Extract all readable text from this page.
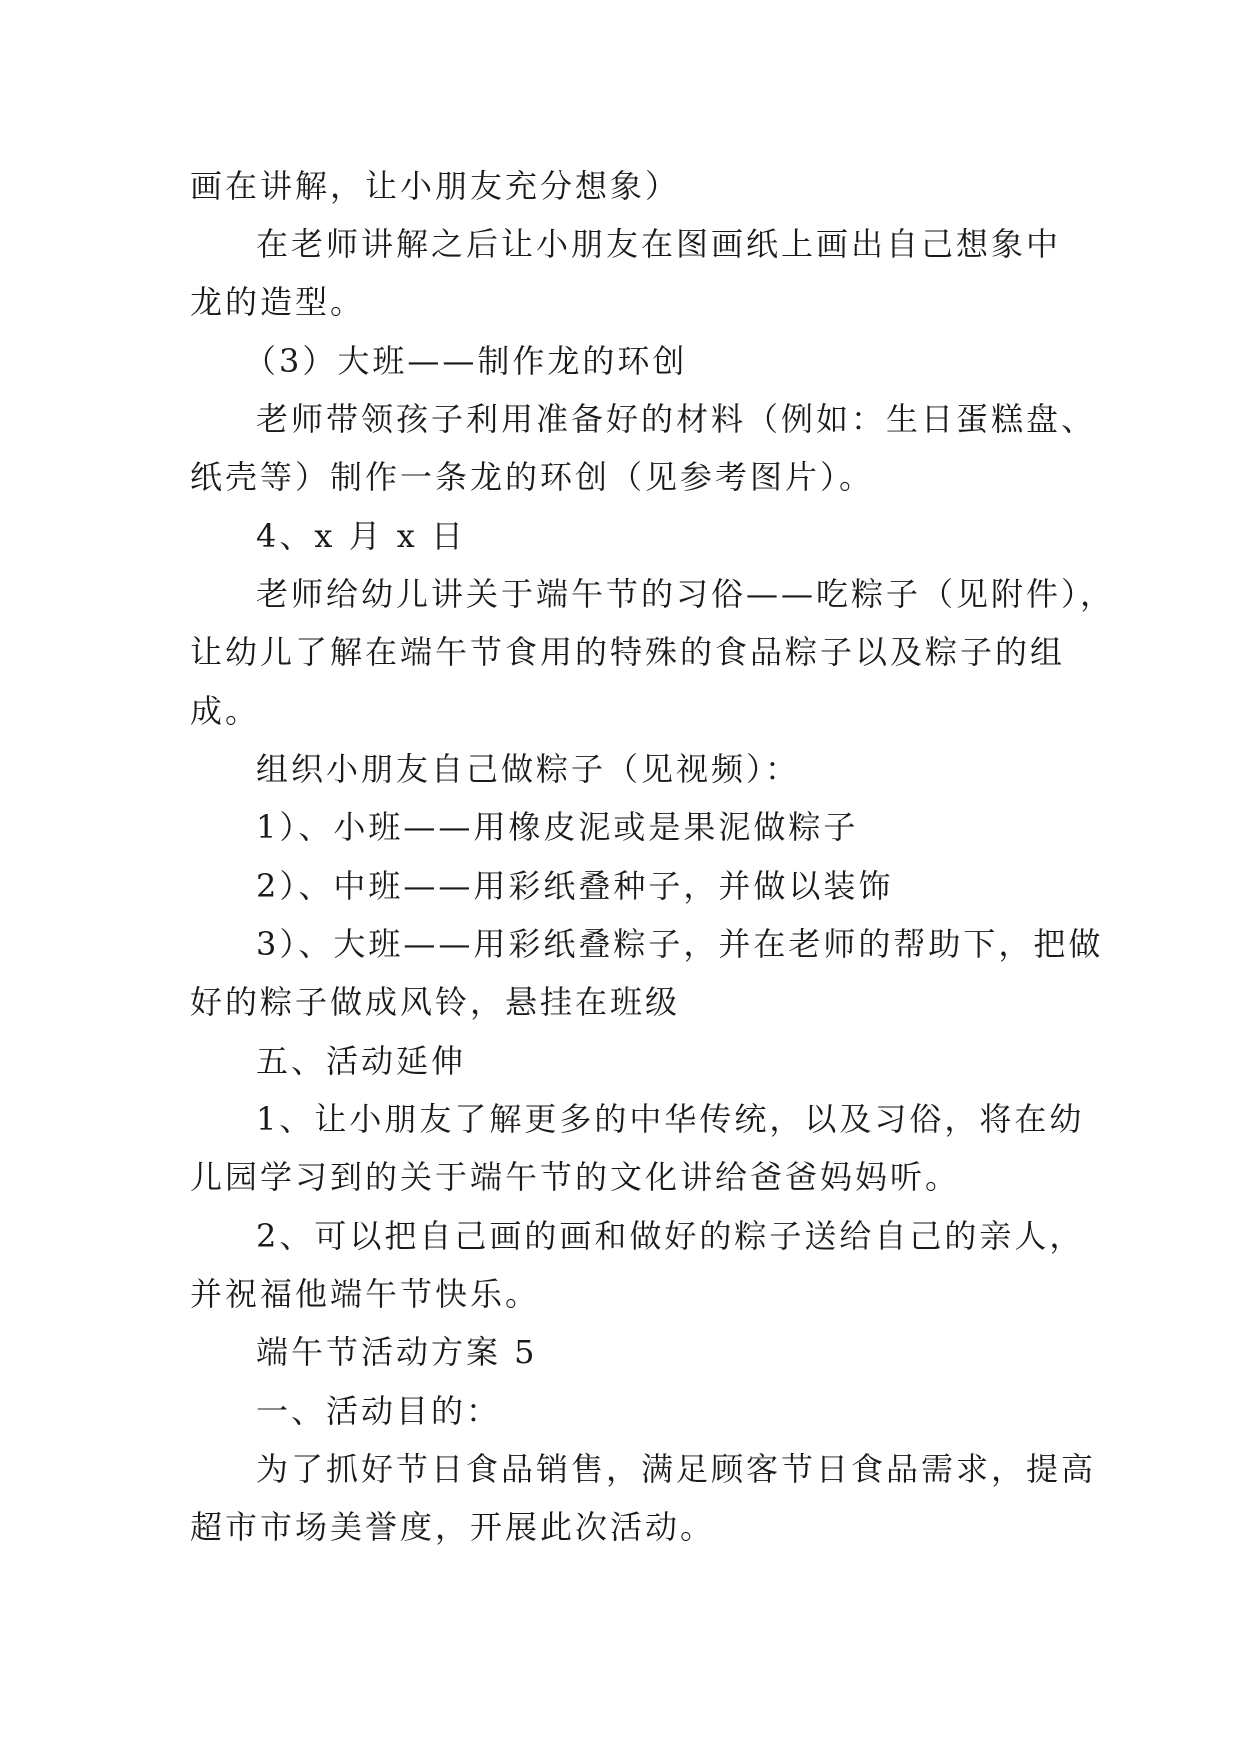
画在讲解，让小朋友充分想象）
在老师讲解之后让小朋友在图画纸上画出自己想象中
龙的造型。
（3）大班——制作龙的环创
老师带领孩子利用准备好的材料（例如：生日蛋糕盘、
纸壳等）制作一条龙的环创（见参考图片）。
4、x 月 x 日
老师给幼儿讲关于端午节的习俗——吃粽子（见附件），
让幼儿了解在端午节食用的特殊的食品粽子以及粽子的组
成。
组织小朋友自己做粽子（见视频）：
1）、小班——用橡皮泥或是果泥做粽子
2）、中班——用彩纸叠种子，并做以装饰
3）、大班——用彩纸叠粽子，并在老师的帮助下，把做
好的粽子做成风铃，悬挂在班级
五、活动延伸
1、让小朋友了解更多的中华传统，以及习俗，将在幼
儿园学习到的关于端午节的文化讲给爸爸妈妈听。
2、可以把自己画的画和做好的粽子送给自己的亲人，
并祝福他端午节快乐。
端午节活动方案 5
一、活动目的：
为了抓好节日食品销售，满足顾客节日食品需求，提高
超市市场美誉度，开展此次活动。
